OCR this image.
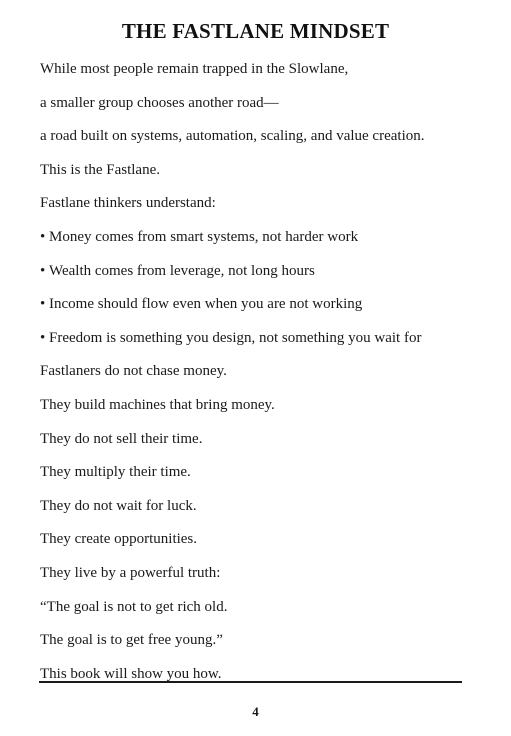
THE FASTLANE MINDSET
While most people remain trapped in the Slowlane,
a smaller group chooses another road—
a road built on systems, automation, scaling, and value creation.
This is the Fastlane.
Fastlane thinkers understand:
• Money comes from smart systems, not harder work
• Wealth comes from leverage, not long hours
• Income should flow even when you are not working
• Freedom is something you design, not something you wait for
Fastlaners do not chase money.
They build machines that bring money.
They do not sell their time.
They multiply their time.
They do not wait for luck.
They create opportunities.
They live by a powerful truth:
“The goal is not to get rich old.
The goal is to get free young.”
This book will show you how.
4
